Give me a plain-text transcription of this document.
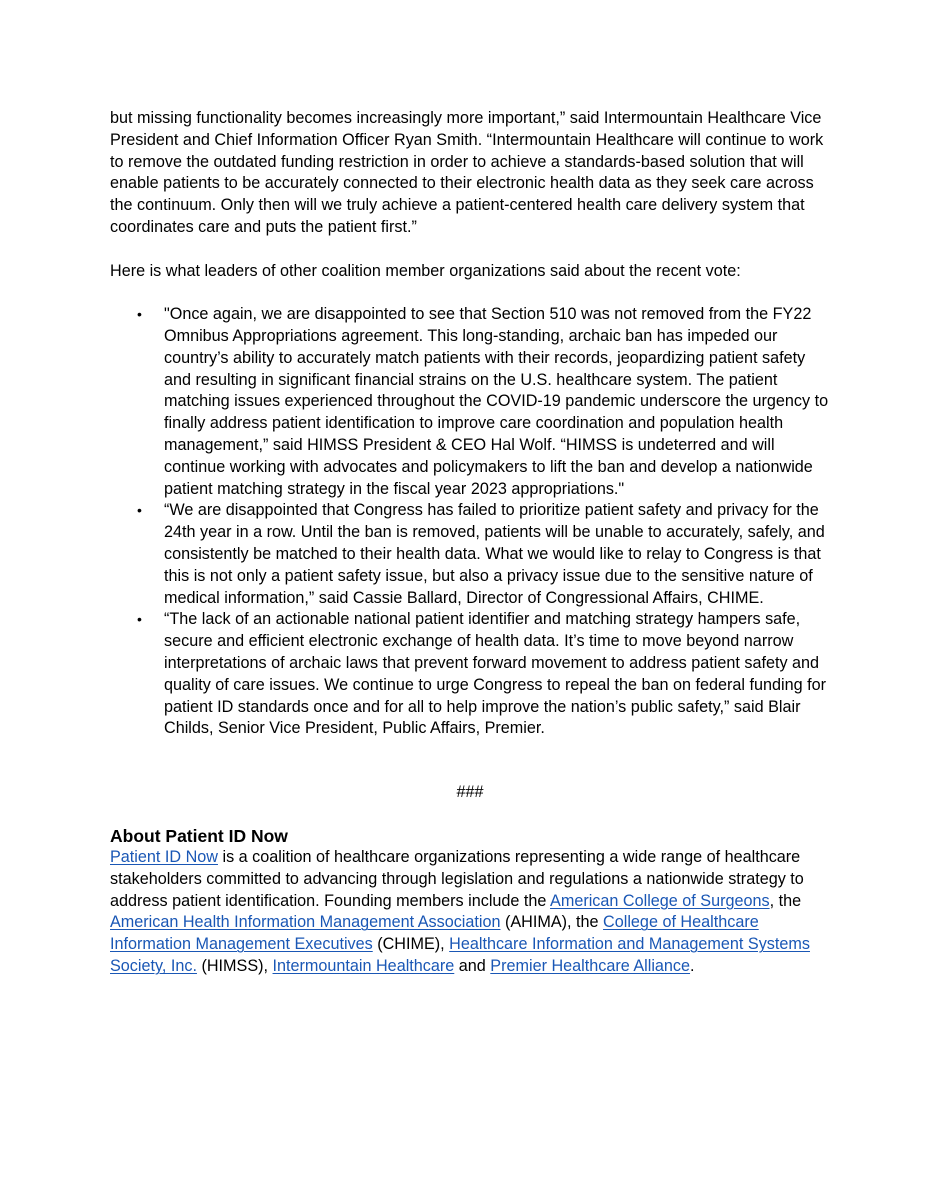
but missing functionality becomes increasingly more important,” said Intermountain Healthcare Vice President and Chief Information Officer Ryan Smith. “Intermountain Healthcare will continue to work to remove the outdated funding restriction in order to achieve a standards-based solution that will enable patients to be accurately connected to their electronic health data as they seek care across the continuum. Only then will we truly achieve a patient-centered health care delivery system that coordinates care and puts the patient first.”

Here is what leaders of other coalition member organizations said about the recent vote:

• "Once again, we are disappointed to see that Section 510 was not removed from the FY22 Omnibus Appropriations agreement. This long-standing, archaic ban has impeded our country’s ability to accurately match patients with their records, jeopardizing patient safety and resulting in significant financial strains on the U.S. healthcare system. The patient matching issues experienced throughout the COVID-19 pandemic underscore the urgency to finally address patient identification to improve care coordination and population health management,” said HIMSS President & CEO Hal Wolf. “HIMSS is undeterred and will continue working with advocates and policymakers to lift the ban and develop a nationwide patient matching strategy in the fiscal year 2023 appropriations."
• “We are disappointed that Congress has failed to prioritize patient safety and privacy for the 24th year in a row. Until the ban is removed, patients will be unable to accurately, safely, and consistently be matched to their health data. What we would like to relay to Congress is that this is not only a patient safety issue, but also a privacy issue due to the sensitive nature of medical information,” said Cassie Ballard, Director of Congressional Affairs, CHIME.
• “The lack of an actionable national patient identifier and matching strategy hampers safe, secure and efficient electronic exchange of health data. It’s time to move beyond narrow interpretations of archaic laws that prevent forward movement to address patient safety and quality of care issues. We continue to urge Congress to repeal the ban on federal funding for patient ID standards once and for all to help improve the nation’s public safety,” said Blair Childs, Senior Vice President, Public Affairs, Premier.

###

About Patient ID Now

Patient ID Now is a coalition of healthcare organizations representing a wide range of healthcare stakeholders committed to advancing through legislation and regulations a nationwide strategy to address patient identification. Founding members include the American College of Surgeons, the American Health Information Management Association (AHIMA), the College of Healthcare Information Management Executives (CHIME), Healthcare Information and Management Systems Society, Inc. (HIMSS), Intermountain Healthcare and Premier Healthcare Alliance.
